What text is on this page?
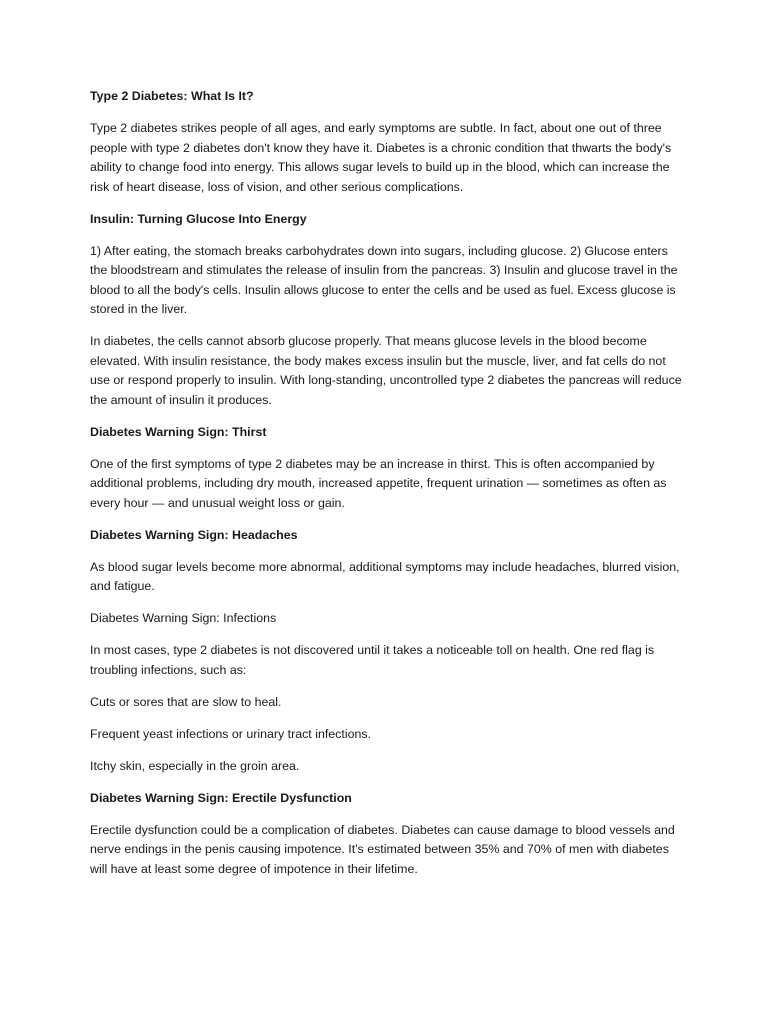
Type 2 Diabetes: What Is It?

Type 2 diabetes strikes people of all ages, and early symptoms are subtle. In fact, about one out of three people with type 2 diabetes don't know they have it. Diabetes is a chronic condition that thwarts the body's ability to change food into energy. This allows sugar levels to build up in the blood, which can increase the risk of heart disease, loss of vision, and other serious complications.

Insulin: Turning Glucose Into Energy

1) After eating, the stomach breaks carbohydrates down into sugars, including glucose. 2) Glucose enters the bloodstream and stimulates the release of insulin from the pancreas. 3) Insulin and glucose travel in the blood to all the body's cells. Insulin allows glucose to enter the cells and be used as fuel. Excess glucose is stored in the liver.

In diabetes, the cells cannot absorb glucose properly. That means glucose levels in the blood become elevated. With insulin resistance, the body makes excess insulin but the muscle, liver, and fat cells do not use or respond properly to insulin. With long-standing, uncontrolled type 2 diabetes the pancreas will reduce the amount of insulin it produces.

Diabetes Warning Sign: Thirst

One of the first symptoms of type 2 diabetes may be an increase in thirst. This is often accompanied by additional problems, including dry mouth, increased appetite, frequent urination — sometimes as often as every hour — and unusual weight loss or gain.

Diabetes Warning Sign: Headaches

As blood sugar levels become more abnormal, additional symptoms may include headaches, blurred vision, and fatigue.

Diabetes Warning Sign: Infections

In most cases, type 2 diabetes is not discovered until it takes a noticeable toll on health. One red flag is troubling infections, such as:

Cuts or sores that are slow to heal.

Frequent yeast infections or urinary tract infections.

Itchy skin, especially in the groin area.

Diabetes Warning Sign: Erectile Dysfunction

Erectile dysfunction could be a complication of diabetes. Diabetes can cause damage to blood vessels and nerve endings in the penis causing impotence. It's estimated between 35% and 70% of men with diabetes will have at least some degree of impotence in their lifetime.
